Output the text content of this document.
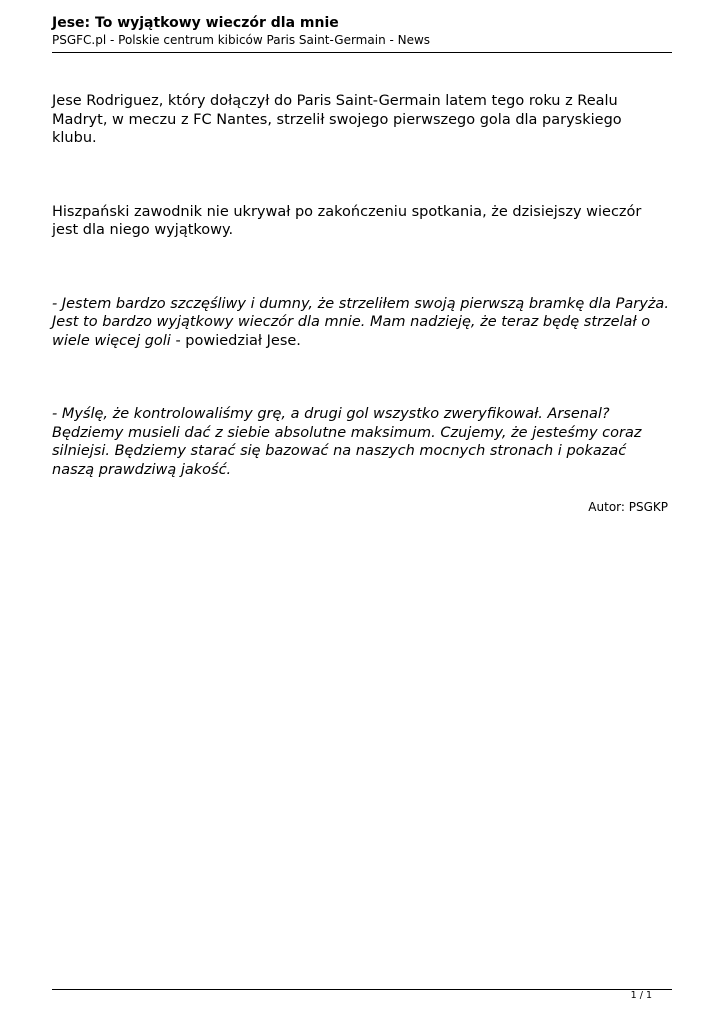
Jese: To wyjątkowy wieczór dla mnie

PSGFC.pl - Polskie centrum kibiców Paris Saint-Germain - News

Jese Rodriguez, który dołączył do Paris Saint-Germain latem tego roku z Realu Madryt, w meczu z FC Nantes, strzelił swojego pierwszego gola dla paryskiego klubu.

Hiszpański zawodnik nie ukrywał po zakończeniu spotkania, że dzisiejszy wieczór jest dla niego wyjątkowy.

- Jestem bardzo szczęśliwy i dumny, że strzeliłem swoją pierwszą bramkę dla Paryża. Jest to bardzo wyjątkowy wieczór dla mnie. Mam nadzieję, że teraz będę strzelał o wiele więcej goli - powiedział Jese.

- Myślę, że kontrolowaliśmy grę, a drugi gol wszystko zweryfikował. Arsenal? Będziemy musieli dać z siebie absolutne maksimum. Czujemy, że jesteśmy coraz silniejsi. Będziemy starać się bazować na naszych mocnych stronach i pokazać naszą prawdziwą jakość.

Autor: PSGKP

1 / 1
